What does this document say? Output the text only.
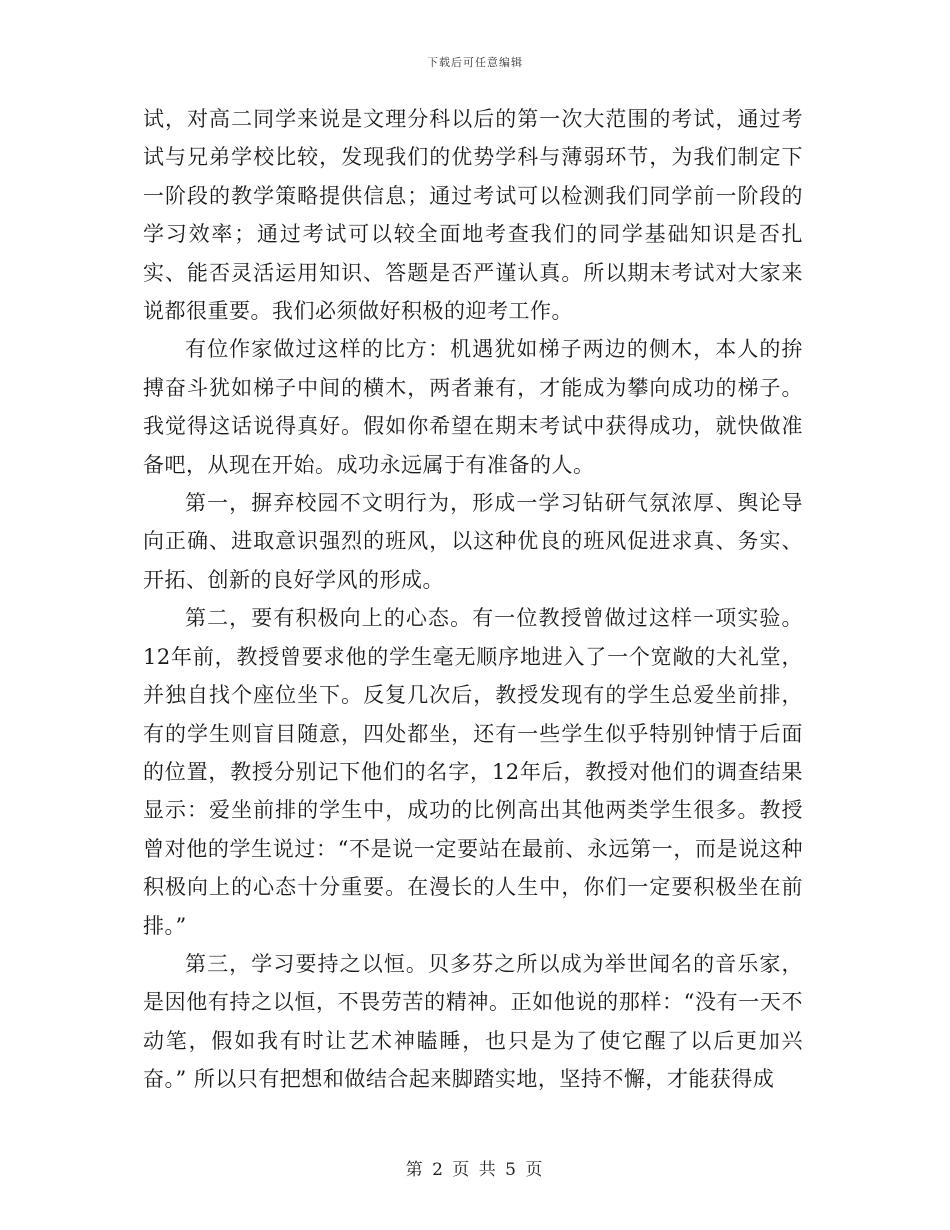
下载后可任意编辑

试，对高二同学来说是文理分科以后的第一次大范围的考试，通过考试与兄弟学校比较，发现我们的优势学科与薄弱环节，为我们制定下一阶段的教学策略提供信息；通过考试可以检测我们同学前一阶段的学习效率；通过考试可以较全面地考查我们的同学基础知识是否扎实、能否灵活运用知识、答题是否严谨认真。所以期末考试对大家来说都很重要。我们必须做好积极的迎考工作。

有位作家做过这样的比方：机遇犹如梯子两边的侧木，本人的拚搏奋斗犹如梯子中间的横木，两者兼有，才能成为攀向成功的梯子。我觉得这话说得真好。假如你希望在期末考试中获得成功，就快做准备吧，从现在开始。成功永远属于有准备的人。

第一，摒弃校园不文明行为，形成一学习钻研气氛浓厚、舆论导向正确、进取意识强烈的班风，以这种优良的班风促进求真、务实、开拓、创新的良好学风的形成。

第二，要有积极向上的心态。有一位教授曾做过这样一项实验。12年前，教授曾要求他的学生毫无顺序地进入了一个宽敞的大礼堂，并独自找个座位坐下。反复几次后，教授发现有的学生总爱坐前排，有的学生则盲目随意，四处都坐，还有一些学生似乎特别钟情于后面的位置，教授分别记下他们的名字，12年后，教授对他们的调查结果显示：爱坐前排的学生中，成功的比例高出其他两类学生很多。教授曾对他的学生说过：“不是说一定要站在最前、永远第一，而是说这种积极向上的心态十分重要。在漫长的人生中，你们一定要积极坐在前排。”

第三，学习要持之以恒。贝多芬之所以成为举世闻名的音乐家，是因他有持之以恒，不畏劳苦的精神。正如他说的那样：“没有一天不动笔，假如我有时让艺术神瞌睡，也只是为了使它醒了以后更加兴奋。” 所以只有把想和做结合起来脚踏实地，坚持不懈，才能获得成

第 2 页 共 5 页
